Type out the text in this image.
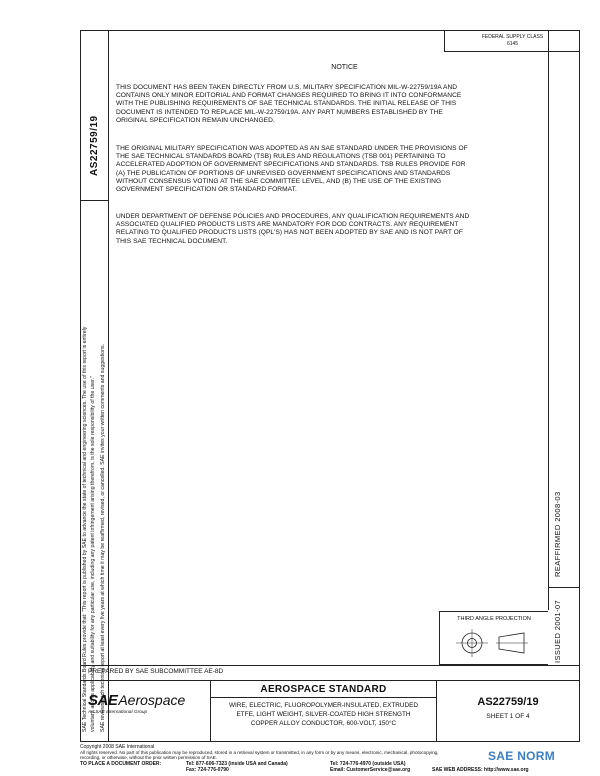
FEDERAL SUPPLY CLASS
6145
AS22759/19
SAE Technical Standards Board Rules provide that: "This report is published by SAE to advance the state of technical and engineering sciences. The use of this report is entirely voluntary, and its applicability and suitability for any particular use, including any patent infringement arising therefrom, is the sole responsibility of the user." SAE reviews each technical report at least every five years at which time it may be reaffirmed, revised, or cancelled. SAE invites your written comments and suggestions.
NOTICE
THIS DOCUMENT HAS BEEN TAKEN DIRECTLY FROM U.S. MILITARY SPECIFICATION MIL-W-22759/19A AND
CONTAINS ONLY MINOR EDITORIAL AND FORMAT CHANGES REQUIRED TO BRING IT INTO CONFORMANCE
WITH THE PUBLISHING REQUIREMENTS OF SAE TECHNICAL STANDARDS. THE INITIAL RELEASE OF THIS
DOCUMENT IS INTENDED TO REPLACE MIL-W-22759/19A. ANY PART NUMBERS ESTABLISHED BY THE
ORIGINAL SPECIFICATION REMAIN UNCHANGED.
THE ORIGINAL MILITARY SPECIFICATION WAS ADOPTED AS AN SAE STANDARD UNDER THE PROVISIONS OF
THE SAE TECHNICAL STANDARDS BOARD (TSB) RULES AND REGULATIONS (TSB 001) PERTAINING TO
ACCELERATED ADOPTION OF GOVERNMENT SPECIFICATIONS AND STANDARDS. TSB RULES PROVIDE FOR
(A) THE PUBLICATION OF PORTIONS OF UNREVISED GOVERNMENT SPECIFICATIONS AND STANDARDS
WITHOUT CONSENSUS VOTING AT THE SAE COMMITTEE LEVEL, AND (B) THE USE OF THE EXISTING
GOVERNMENT SPECIFICATION OR STANDARD FORMAT.
UNDER DEPARTMENT OF DEFENSE POLICIES AND PROCEDURES, ANY QUALIFICATION REQUIREMENTS AND
ASSOCIATED QUALIFIED PRODUCTS LISTS ARE MANDATORY FOR DOD CONTRACTS. ANY REQUIREMENT
RELATING TO QUALIFIED PRODUCTS LISTS (QPL'S) HAS NOT BEEN ADOPTED BY SAE AND IS NOT PART OF
THIS SAE TECHNICAL DOCUMENT.
REAFFIRMED 2008-03
ISSUED 2001-07
THIRD ANGLE PROJECTION
PREPARED BY SAE SUBCOMMITTEE AE-8D
SAEAerospace
An SAE International Group
AEROSPACE STANDARD
WIRE, ELECTRIC, FLUOROPOLYMER-INSULATED, EXTRUDED
ETFE, LIGHT WEIGHT, SILVER-COATED HIGH STRENGTH
COPPER ALLOY CONDUCTOR, 600-VOLT, 150°C
AS22759/19
SHEET 1 OF 4
Copyright 2008 SAE International
All rights reserved. No part of this publication may be reproduced, stored in a retrieval system or transmitted, in any form or by any means, electronic, mechanical, photocopying,
recording, or otherwise, without the prior written permission of SAE.
TO PLACE A DOCUMENT ORDER:	Tel: 877-606-7323 (inside USA and Canada)	Tel: 724-776-4970 (outside USA)
Fax: 724-776-0790	Email: CustomerService@sae.org	SAE WEB ADDRESS: http://www.sae.org
SAE NORM
